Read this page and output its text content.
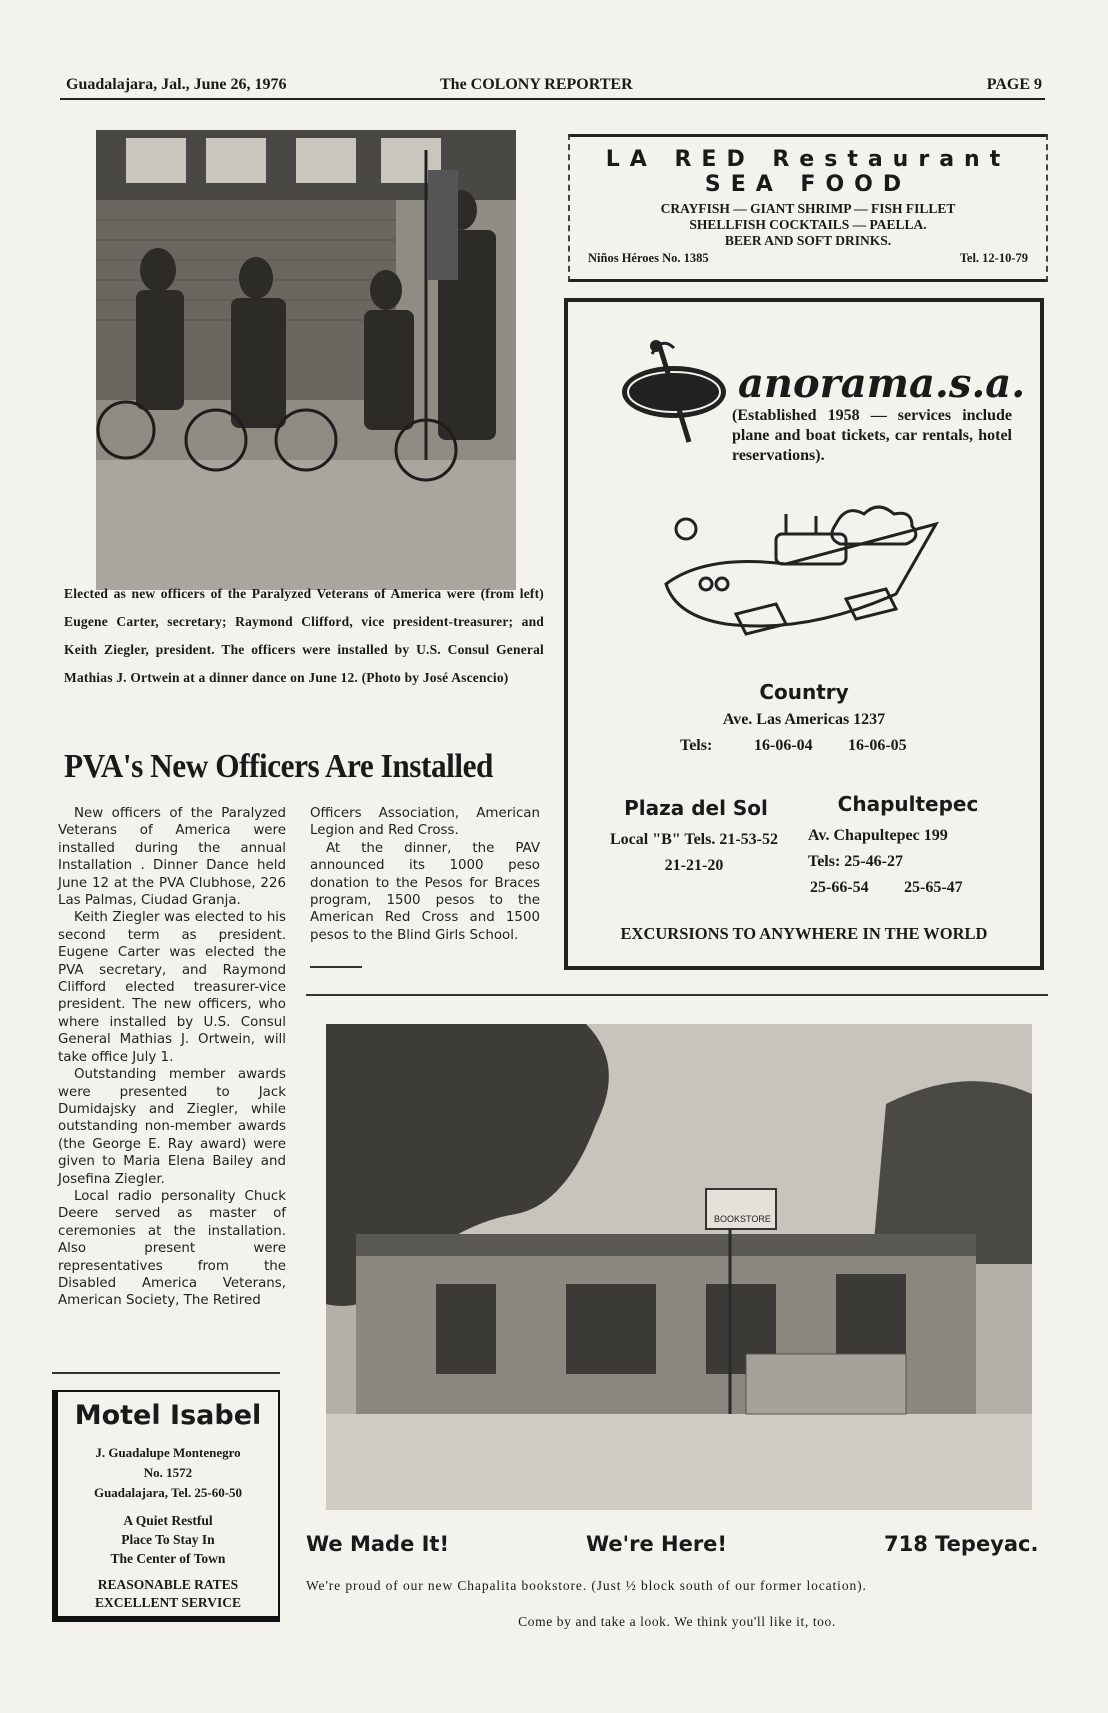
Guadalajara, Jal., June 26, 1976	The COLONY REPORTER	PAGE 9
Elected as new officers of the Paralyzed Veterans of America were (from left) Eugene Carter, secretary; Raymond Clifford, vice president-treasurer; and Keith Ziegler, president. The officers were installed by U.S. Consul General Mathias J. Ortwein at a dinner dance on June 12. (Photo by José Ascencio)
PVA's New Officers Are Installed

New officers of the Paralyzed Veterans of America were installed during the annual Installation . Dinner Dance held June 12 at the PVA Clubhose, 226 Las Palmas, Ciudad Granja.

Keith Ziegler was elected to his second term as president. Eugene Carter was elected the PVA secretary, and Raymond Clifford elected treasurer-vice president. The new officers, who where installed by U.S. Consul General Mathias J. Ortwein, will take office July 1.

Outstanding member awards were presented to Jack Dumidajsky and Ziegler, while outstanding non-member awards (the George E. Ray award) were given to Maria Elena Bailey and Josefina Ziegler.

Local radio personality Chuck Deere served as master of ceremonies at the installation. Also present were representatives from the Disabled America Veterans, American Society, The Retired

Officers Association, American Legion and Red Cross.

At the dinner, the PAV announced its 1000 peso donation to the Pesos for Braces program, 1500 pesos to the American Red Cross and 1500 pesos to the Blind Girls School.

LA RED Restaurant
SEA FOOD
CRAYFISH — GIANT SHRIMP — FISH FILLET
SHELLFISH COCKTAILS — PAELLA.
BEER AND SOFT DRINKS.
Niños Héroes No. 1385	Tel. 12-10-79
anorama.s.a.
(Established 1958 — services include plane and boat tickets, car rentals, hotel reservations).
Country
Ave. Las Americas 1237
Tels:	16-06-04 16-06-05
Plaza del Sol
Local "B" Tels. 21-53-52
21-21-20
Chapultepec
Av. Chapultepec 199
Tels: 25-46-27
25-66-54 25-65-47
EXCURSIONS TO ANYWHERE IN THE WORLD
BOOKSTORE
We Made It!	We're Here!	718 Tepeyac.
We're proud of our new Chapalita bookstore. (Just ½ block south of our former location).
Come by and take a look. We think you'll like it, too.
Motel Isabel
J. Guadalupe Montenegro
No. 1572
Guadalajara, Tel. 25-60-50
A Quiet Restful
Place To Stay In
The Center of Town
REASONABLE RATES
EXCELLENT SERVICE
